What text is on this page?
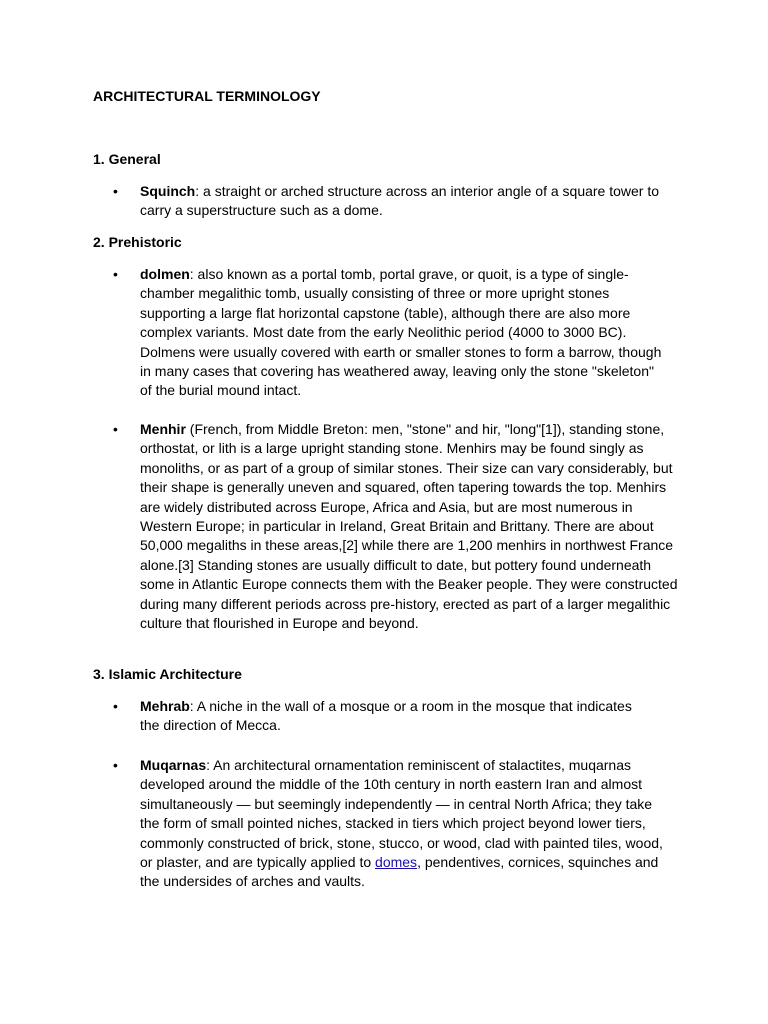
ARCHITECTURAL TERMINOLOGY
1. General

• Squinch: a straight or arched structure across an interior angle of a square tower to carry a superstructure such as a dome.

2. Prehistoric

• dolmen: also known as a portal tomb, portal grave, or quoit, is a type of single-chamber megalithic tomb, usually consisting of three or more upright stones supporting a large flat horizontal capstone (table), although there are also more complex variants. Most date from the early Neolithic period (4000 to 3000 BC). Dolmens were usually covered with earth or smaller stones to form a barrow, though in many cases that covering has weathered away, leaving only the stone "skeleton" of the burial mound intact.

• Menhir (French, from Middle Breton: men, "stone" and hir, "long"[1]), standing stone, orthostat, or lith is a large upright standing stone. Menhirs may be found singly as monoliths, or as part of a group of similar stones. Their size can vary considerably, but their shape is generally uneven and squared, often tapering towards the top. Menhirs are widely distributed across Europe, Africa and Asia, but are most numerous in Western Europe; in particular in Ireland, Great Britain and Brittany. There are about 50,000 megaliths in these areas,[2] while there are 1,200 menhirs in northwest France alone.[3] Standing stones are usually difficult to date, but pottery found underneath some in Atlantic Europe connects them with the Beaker people. They were constructed during many different periods across pre-history, erected as part of a larger megalithic culture that flourished in Europe and beyond.

3. Islamic Architecture

• Mehrab: A niche in the wall of a mosque or a room in the mosque that indicates the direction of Mecca.

• Muqarnas: An architectural ornamentation reminiscent of stalactites, muqarnas developed around the middle of the 10th century in north eastern Iran and almost simultaneously — but seemingly independently — in central North Africa; they take the form of small pointed niches, stacked in tiers which project beyond lower tiers, commonly constructed of brick, stone, stucco, or wood, clad with painted tiles, wood, or plaster, and are typically applied to domes, pendentives, cornices, squinches and the undersides of arches and vaults.
